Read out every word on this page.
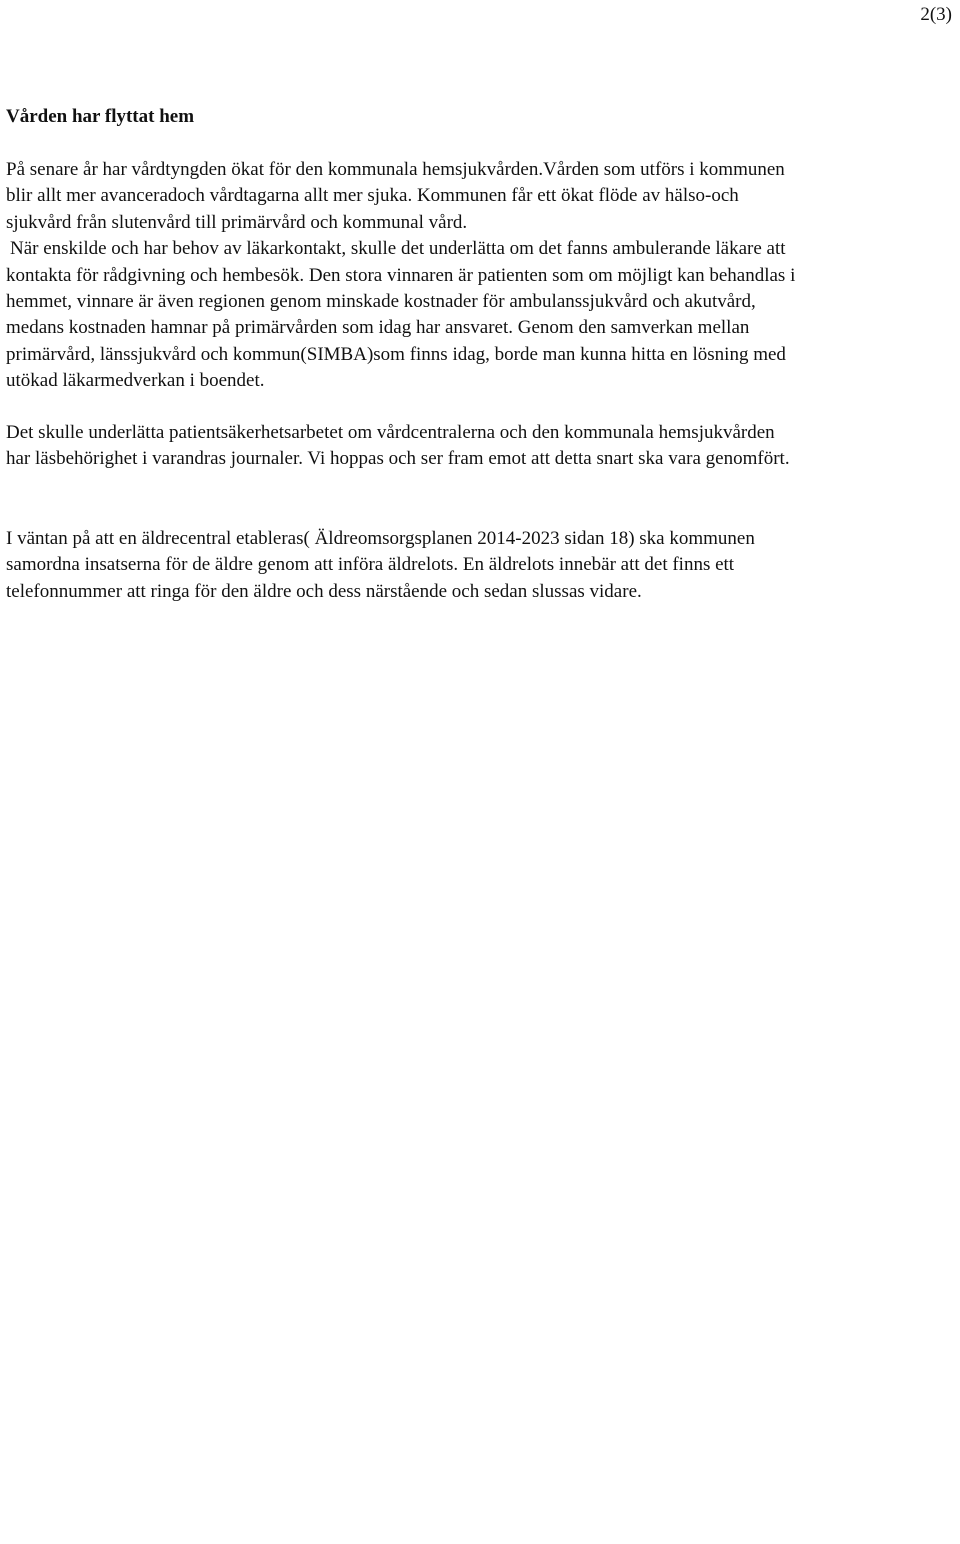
2(3)
Vården har flyttat hem
På senare år har vårdtyngden ökat för den kommunala hemsjukvården.Vården som utförs i kommunen
blir allt mer avanceradoch vårdtagarna allt mer sjuka. Kommunen får ett ökat flöde av hälso-och
sjukvård från slutenvård till primärvård och kommunal vård.
När enskilde och har behov av läkarkontakt, skulle det underlätta om det fanns ambulerande läkare att
kontakta för rådgivning och hembesök. Den stora vinnaren är patienten som om möjligt kan behandlas i
hemmet, vinnare är även regionen genom minskade kostnader för ambulanssjukvård och akutvård,
medans kostnaden hamnar på primärvården som idag har ansvaret. Genom den samverkan mellan
primärvård, länssjukvård och kommun(SIMBA)som finns idag, borde man kunna hitta en lösning med
utökad läkarmedverkan i boendet.
Det skulle underlätta patientsäkerhetsarbetet om vårdcentralerna och den kommunala hemsjukvården
har läsbehörighet i varandras journaler. Vi hoppas och ser fram emot att detta snart ska vara genomfört.
I väntan på att en äldrecentral etableras( Äldreomsorgsplanen 2014-2023 sidan 18) ska kommunen
samordna insatserna för de äldre genom att införa äldrelots. En äldrelots innebär att det finns ett
telefonnummer att ringa för den äldre och dess närstående och sedan slussas vidare.
